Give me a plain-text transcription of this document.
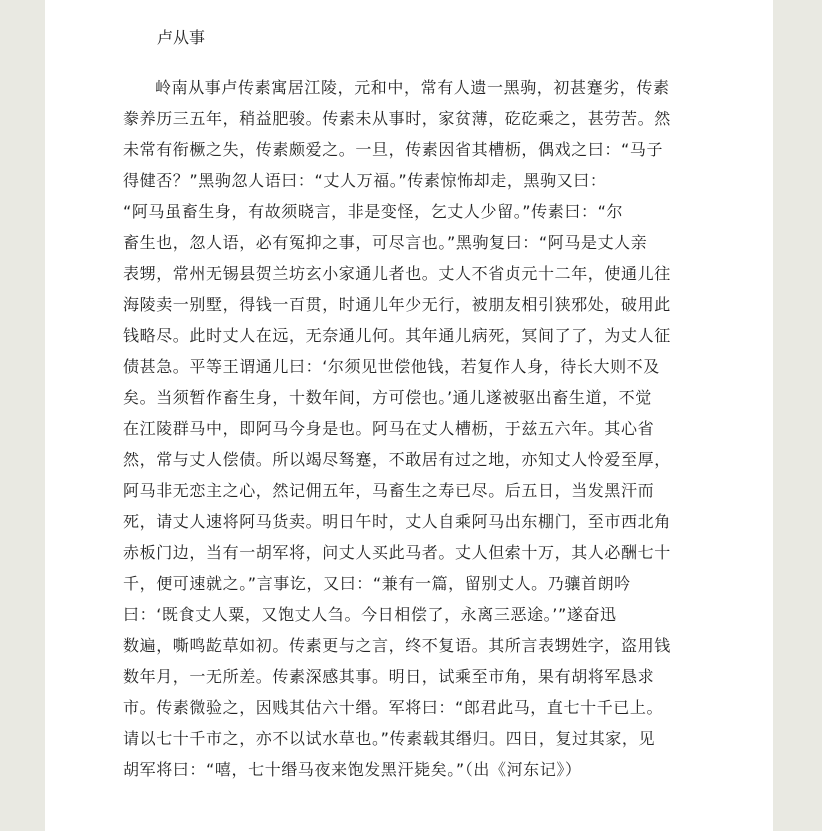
卢从事
岭南从事卢传素寓居江陵，元和中，常有人遗一黑驹，初甚蹇劣，传素
豢养历三五年，稍益肥骏。传素未从事时，家贫薄，矻矻乘之，甚劳苦。然
未常有衔橛之失，传素颇爱之。一旦，传素因省其槽枥，偶戏之曰：“马子
得健否？”黑驹忽人语曰：“丈人万福。”传素惊怖却走，黑驹又曰：
“阿马虽畜生身，有故须晓言，非是变怪，乞丈人少留。”传素曰：“尔
畜生也，忽人语，必有冤抑之事，可尽言也。”黑驹复曰：“阿马是丈人亲
表甥，常州无锡县贺兰坊玄小家通儿者也。丈人不省贞元十二年，使通儿往
海陵卖一别墅，得钱一百贯，时通儿年少无行，被朋友相引狭邪处，破用此
钱略尽。此时丈人在远，无奈通儿何。其年通儿病死，冥间了了，为丈人征
债甚急。平等王谓通儿曰：‘尔须见世偿他钱，若复作人身，待长大则不及
矣。当须暂作畜生身，十数年间，方可偿也。’通儿遂被驱出畜生道，不觉
在江陵群马中，即阿马今身是也。阿马在丈人槽枥，于兹五六年。其心省
然，常与丈人偿债。所以竭尽驽蹇，不敢居有过之地，亦知丈人怜爱至厚，
阿马非无恋主之心，然记佣五年，马畜生之寿已尽。后五日，当发黑汗而
死，请丈人速将阿马货卖。明日午时，丈人自乘阿马出东棚门，至市西北角
赤板门边，当有一胡军将，问丈人买此马者。丈人但索十万，其人必酬七十
千，便可速就之。”言事讫，又曰：“兼有一篇，留别丈人。乃骧首朗吟
曰：‘既食丈人粟，又饱丈人刍。今日相偿了，永离三恶途。’”遂奋迅
数遍，嘶鸣龁草如初。传素更与之言，终不复语。其所言表甥姓字，盗用钱
数年月，一无所差。传素深感其事。明日，试乘至市角，果有胡将军恳求
市。传素微验之，因贱其估六十缗。军将曰：“郎君此马，直七十千已上。
请以七十千市之，亦不以试水草也。”传素载其缗归。四日，复过其家，见
胡军将曰：“嘻，七十缗马夜来饱发黑汗毙矣。”（出《河东记》）
